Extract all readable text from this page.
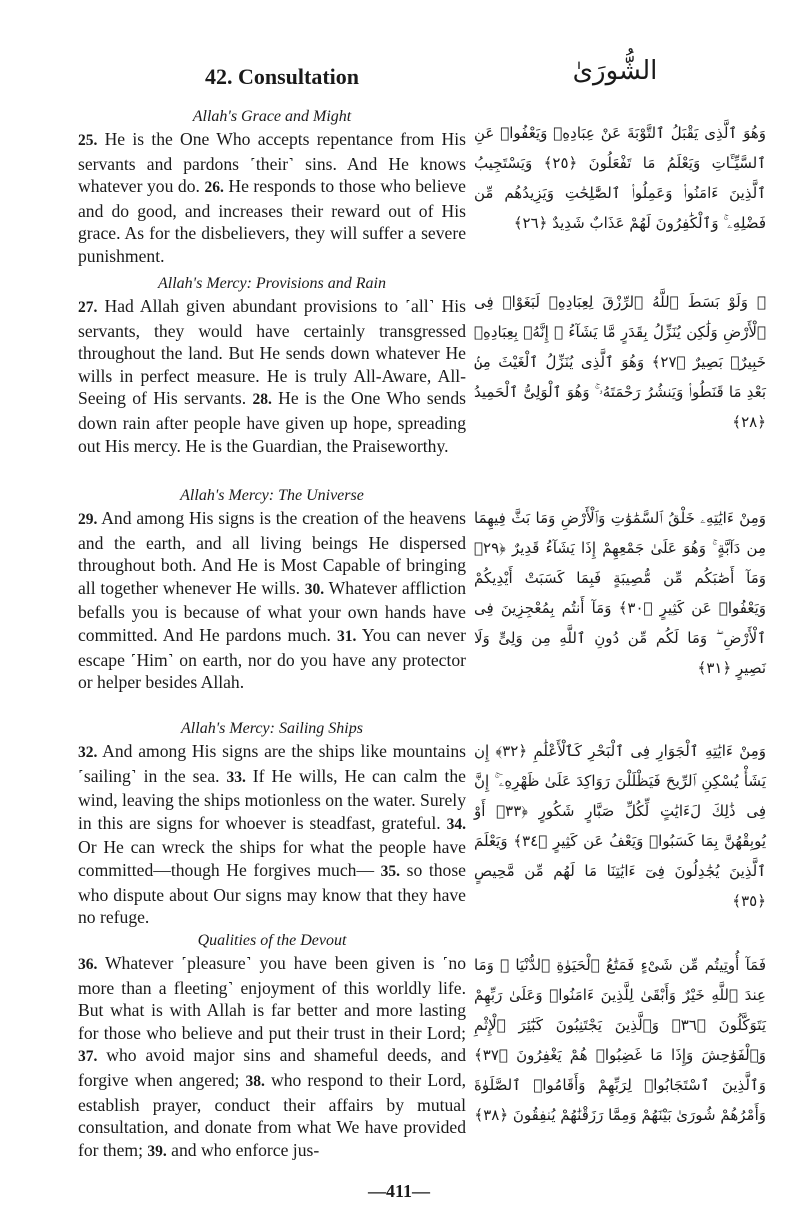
42. Consultation	الشُّورَىٰ
Allah's Grace and Might
25. He is the One Who accepts repentance from His servants and pardons ˹their˺ sins. And He knows whatever you do. 26. He responds to those who believe and do good, and increases their reward out of His grace. As for the disbelievers, they will suffer a severe punishment.
وَهُوَ ٱلَّذِى يَقْبَلُ ٱلتَّوْبَةَ عَنْ عِبَادِهِۦ وَيَعْفُوا۟ عَنِ ٱلسَّيِّـَٔاتِ وَيَعْلَمُ مَا تَفْعَلُونَ ﴿٢٥﴾ وَيَسْتَجِيبُ ٱلَّذِينَ ءَامَنُوا۟ وَعَمِلُوا۟ ٱلصَّٰلِحَٰتِ وَيَزِيدُهُم مِّن فَضْلِهِۦ ۚ وَٱلْكَٰفِرُونَ لَهُمْ عَذَابٌ شَدِيدٌ ﴿٢٦﴾
Allah's Mercy: Provisions and Rain
27. Had Allah given abundant provisions to ˹all˺ His servants, they would have certainly transgressed throughout the land. But He sends down whatever He wills in perfect measure. He is truly All-Aware, All-Seeing of His servants. 28. He is the One Who sends down rain after people have given up hope, spreading out His mercy. He is the Guardian, the Praiseworthy.
۞ وَلَوْ بَسَطَ ٱللَّهُ ٱلرِّزْقَ لِعِبَادِهِۦ لَبَغَوْا۟ فِى ٱلْأَرْضِ وَلَٰكِن يُنَزِّلُ بِقَدَرٍ مَّا يَشَآءُ ۚ إِنَّهُۥ بِعِبَادِهِۦ خَبِيرٌۢ بَصِيرٌ ﴿٢٧﴾ وَهُوَ ٱلَّذِى يُنَزِّلُ ٱلْغَيْثَ مِنۢ بَعْدِ مَا قَنَطُوا۟ وَيَنشُرُ رَحْمَتَهُۥ ۚ وَهُوَ ٱلْوَلِىُّ ٱلْحَمِيدُ ﴿٢٨﴾
Allah's Mercy: The Universe
29. And among His signs is the creation of the heavens and the earth, and all living beings He dispersed throughout both. And He is Most Capable of bringing all together whenever He wills. 30. Whatever affliction befalls you is because of what your own hands have committed. And He pardons much. 31. You can never escape ˹Him˺ on earth, nor do you have any protector or helper besides Allah.
وَمِنْ ءَايَٰتِهِۦ خَلْقُ ٱلسَّمَٰوَٰتِ وَٱلْأَرْضِ وَمَا بَثَّ فِيهِمَا مِن دَآبَّةٍ ۚ وَهُوَ عَلَىٰ جَمْعِهِمْ إِذَا يَشَآءُ قَدِيرٌ ﴿٢٩﴾ وَمَآ أَصَٰبَكُم مِّن مُّصِيبَةٍ فَبِمَا كَسَبَتْ أَيْدِيكُمْ وَيَعْفُوا۟ عَن كَثِيرٍ ﴿٣٠﴾ وَمَآ أَنتُم بِمُعْجِزِينَ فِى ٱلْأَرْضِ ۖ وَمَا لَكُم مِّن دُونِ ٱللَّهِ مِن وَلِىٍّ وَلَا نَصِيرٍ ﴿٣١﴾
Allah's Mercy: Sailing Ships
32. And among His signs are the ships like mountains ˹sailing˺ in the sea. 33. If He wills, He can calm the wind, leaving the ships motionless on the water. Surely in this are signs for whoever is steadfast, grateful. 34. Or He can wreck the ships for what the people have committed—though He forgives much— 35. so those who dispute about Our signs may know that they have no refuge.
وَمِنْ ءَايَٰتِهِ ٱلْجَوَارِ فِى ٱلْبَحْرِ كَٱلْأَعْلَٰمِ ﴿٣٢﴾ إِن يَشَأْ يُسْكِنِ ٱلرِّيحَ فَيَظْلَلْنَ رَوَاكِدَ عَلَىٰ ظَهْرِهِۦٓ ۚ إِنَّ فِى ذَٰلِكَ لَءَايَٰتٍ لِّكُلِّ صَبَّارٍ شَكُورٍ ﴿٣٣﴾ أَوْ يُوبِقْهُنَّ بِمَا كَسَبُوا۟ وَيَعْفُ عَن كَثِيرٍ ﴿٣٤﴾ وَيَعْلَمَ ٱلَّذِينَ يُجَٰدِلُونَ فِىٓ ءَايَٰتِنَا مَا لَهُم مِّن مَّحِيصٍ ﴿٣٥﴾
Qualities of the Devout
36. Whatever ˹pleasure˺ you have been given is ˹no more than a fleeting˺ enjoyment of this worldly life. But what is with Allah is far better and more lasting for those who believe and put their trust in their Lord; 37. who avoid major sins and shameful deeds, and forgive when angered; 38. who respond to their Lord, establish prayer, conduct their affairs by mutual consultation, and donate from what We have provided for them; 39. and who enforce jus-
فَمَآ أُوتِيتُم مِّن شَىْءٍ فَمَتَٰعُ ٱلْحَيَوٰةِ ٱلدُّنْيَا ۖ وَمَا عِندَ ٱللَّهِ خَيْرٌ وَأَبْقَىٰ لِلَّذِينَ ءَامَنُوا۟ وَعَلَىٰ رَبِّهِمْ يَتَوَكَّلُونَ ﴿٣٦﴾ وَٱلَّذِينَ يَجْتَنِبُونَ كَبَٰٓئِرَ ٱلْإِثْمِ وَٱلْفَوَٰحِشَ وَإِذَا مَا غَضِبُوا۟ هُمْ يَغْفِرُونَ ﴿٣٧﴾ وَٱلَّذِينَ ٱسْتَجَابُوا۟ لِرَبِّهِمْ وَأَقَامُوا۟ ٱلصَّلَوٰةَ وَأَمْرُهُمْ شُورَىٰ بَيْنَهُمْ وَمِمَّا رَزَقْنَٰهُمْ يُنفِقُونَ ﴿٣٨﴾
—411—
